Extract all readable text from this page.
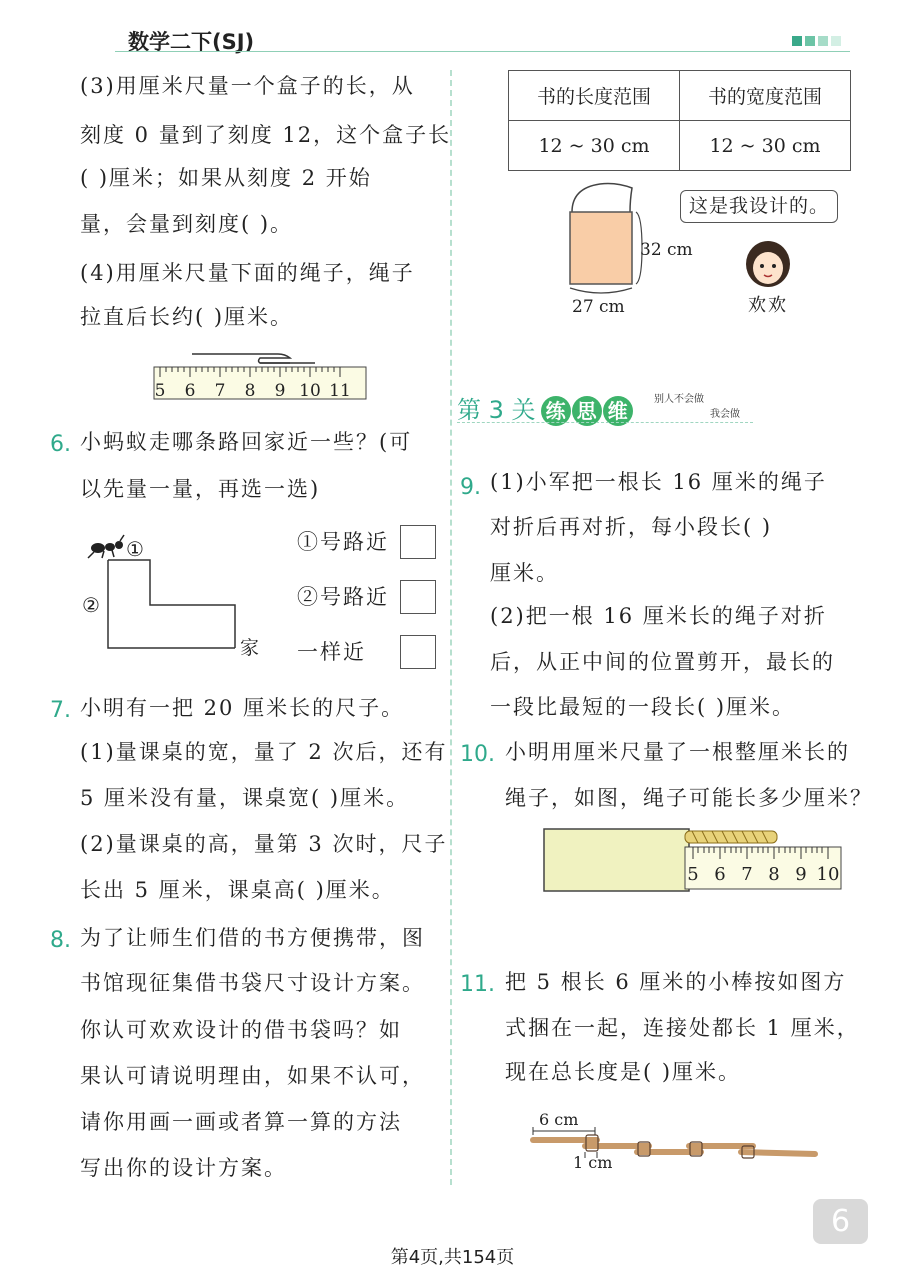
数学二下(SJ)
(3)用厘米尺量一个盒子的长，从
刻度 0 量到了刻度 12，这个盒子长
( )厘米；如果从刻度 2 开始
量，会量到刻度( )。
(4)用厘米尺量下面的绳子，绳子
拉直后长约( )厘米。
5 6 7 8 9 10 11
6. 小蚂蚁走哪条路回家近一些？(可
以先量一量，再选一选)
①
②
家
①号路近
②号路近
一样近
7. 小明有一把 20 厘米长的尺子。
(1)量课桌的宽，量了 2 次后，还有
5 厘米没有量，课桌宽( )厘米。
(2)量课桌的高，量第 3 次时，尺子
长出 5 厘米，课桌高( )厘米。
8. 为了让师生们借的书方便携带，图
书馆现征集借书袋尺寸设计方案。
你认可欢欢设计的借书袋吗？如
果认可请说明理由，如果不认可，
请你用画一画或者算一算的方法
写出你的设计方案。
书的长度范围	书的宽度范围
12 ~ 30 cm	12 ~ 30 cm
32 cm
27 cm
这是我设计的。
欢欢
第 3 关 练 思 维	别人不会做
我会做
9. (1)小军把一根长 16 厘米的绳子
对折后再对折，每小段长( )
厘米。
(2)把一根 16 厘米长的绳子对折
后，从正中间的位置剪开，最长的
一段比最短的一段长( )厘米。
10. 小明用厘米尺量了一根整厘米长的
绳子，如图，绳子可能长多少厘米？
5 6 7 8 9 10
11. 把 5 根长 6 厘米的小棒按如图方
式捆在一起，连接处都长 1 厘米，
现在总长度是( )厘米。
6 cm
1 cm
6
第4页,共154页
